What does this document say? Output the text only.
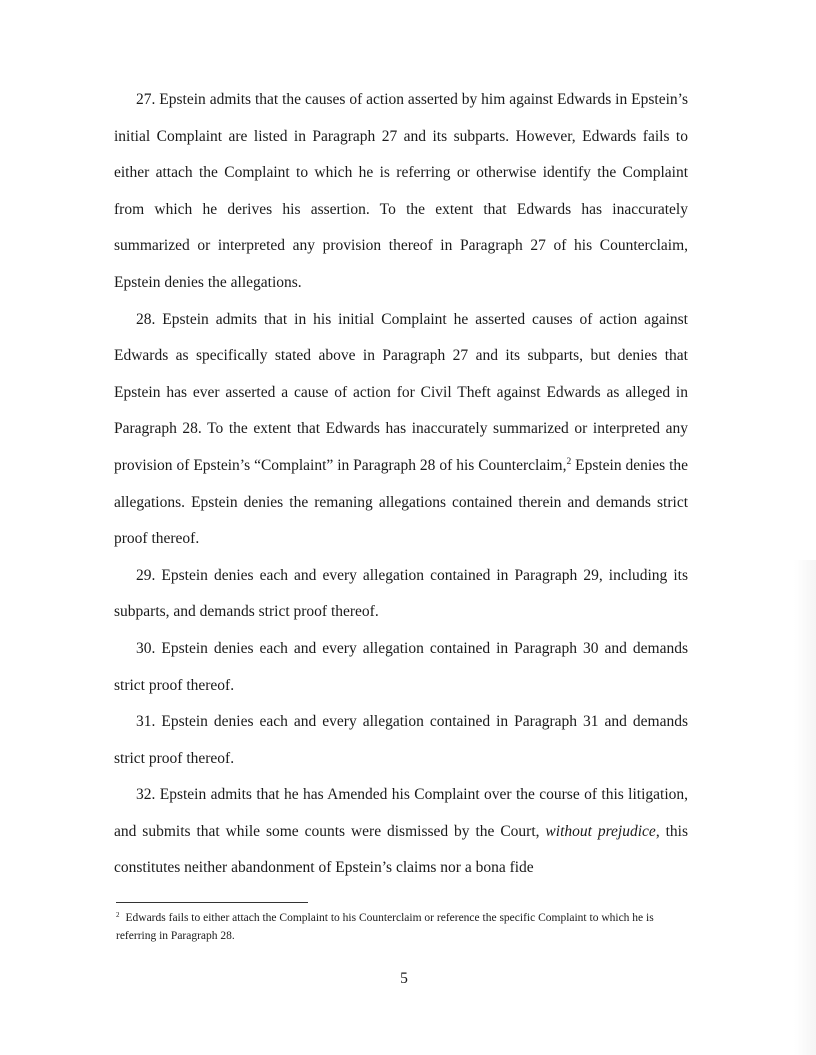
27. Epstein admits that the causes of action asserted by him against Edwards in Epstein’s initial Complaint are listed in Paragraph 27 and its subparts. However, Edwards fails to either attach the Complaint to which he is referring or otherwise identify the Complaint from which he derives his assertion. To the extent that Edwards has inaccurately summarized or interpreted any provision thereof in Paragraph 27 of his Counterclaim, Epstein denies the allegations.

28. Epstein admits that in his initial Complaint he asserted causes of action against Edwards as specifically stated above in Paragraph 27 and its subparts, but denies that Epstein has ever asserted a cause of action for Civil Theft against Edwards as alleged in Paragraph 28. To the extent that Edwards has inaccurately summarized or interpreted any provision of Epstein’s “Complaint” in Paragraph 28 of his Counterclaim,$^2$ Epstein denies the allegations. Epstein denies the remaning allegations contained therein and demands strict proof thereof.

29. Epstein denies each and every allegation contained in Paragraph 29, including its subparts, and demands strict proof thereof.

30. Epstein denies each and every allegation contained in Paragraph 30 and demands strict proof thereof.

31. Epstein denies each and every allegation contained in Paragraph 31 and demands strict proof thereof.

32. Epstein admits that he has Amended his Complaint over the course of this litigation, and submits that while some counts were dismissed by the Court, without prejudice, this constitutes neither abandonment of Epstein’s claims nor a bona fide

$^2$ Edwards fails to either attach the Complaint to his Counterclaim or reference the specific Complaint to which he is referring in Paragraph 28.
5
